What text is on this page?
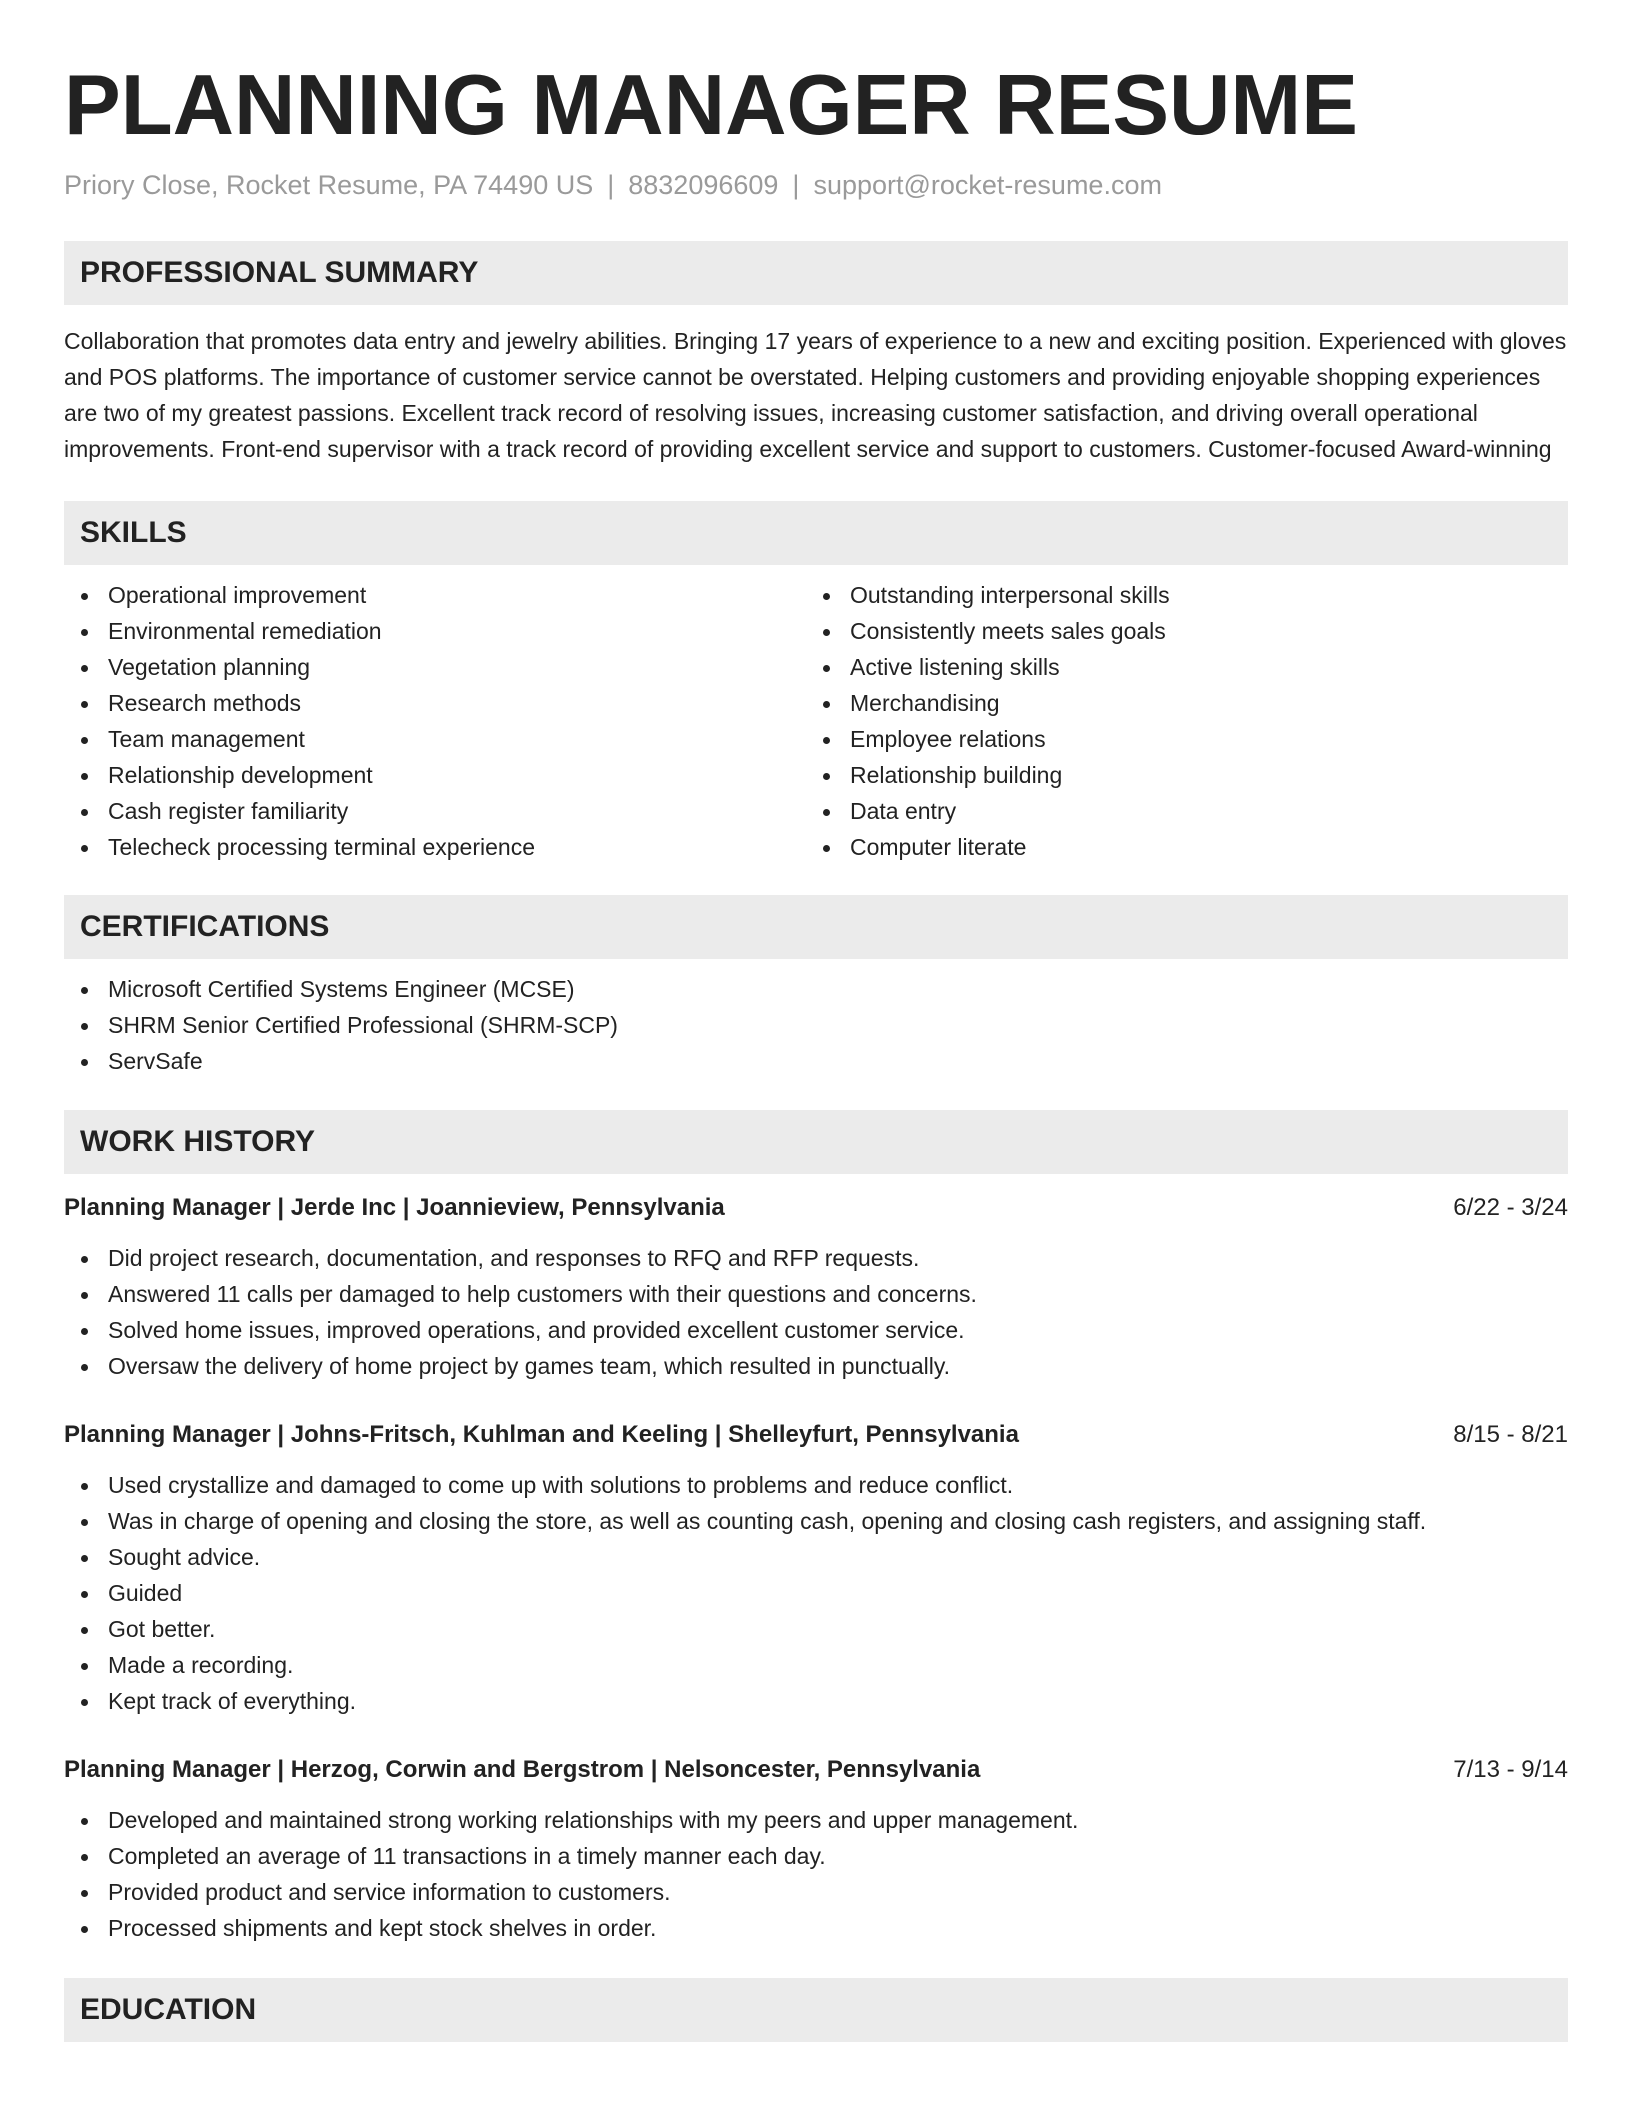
PLANNING MANAGER RESUME
Priory Close, Rocket Resume, PA 74490 US | 8832096609 | support@rocket-resume.com
PROFESSIONAL SUMMARY

Collaboration that promotes data entry and jewelry abilities. Bringing 17 years of experience to a new and exciting position. Experienced with gloves and POS platforms. The importance of customer service cannot be overstated. Helping customers and providing enjoyable shopping experiences are two of my greatest passions. Excellent track record of resolving issues, increasing customer satisfaction, and driving overall operational improvements. Front-end supervisor with a track record of providing excellent service and support to customers. Customer-focused Award-winning

SKILLS
Operational improvement
Environmental remediation
Vegetation planning
Research methods
Team management
Relationship development
Cash register familiarity
Telecheck processing terminal experience
Outstanding interpersonal skills
Consistently meets sales goals
Active listening skills
Merchandising
Employee relations
Relationship building
Data entry
Computer literate
CERTIFICATIONS
Microsoft Certified Systems Engineer (MCSE)
SHRM Senior Certified Professional (SHRM-SCP)
ServSafe
WORK HISTORY
Planning Manager | Jerde Inc | Joannieview, Pennsylvania	6/22 - 3/24
Did project research, documentation, and responses to RFQ and RFP requests.
Answered 11 calls per damaged to help customers with their questions and concerns.
Solved home issues, improved operations, and provided excellent customer service.
Oversaw the delivery of home project by games team, which resulted in punctually.
Planning Manager | Johns-Fritsch, Kuhlman and Keeling | Shelleyfurt, Pennsylvania	8/15 - 8/21
Used crystallize and damaged to come up with solutions to problems and reduce conflict.
Was in charge of opening and closing the store, as well as counting cash, opening and closing cash registers, and assigning staff.
Sought advice.
Guided
Got better.
Made a recording.
Kept track of everything.
Planning Manager | Herzog, Corwin and Bergstrom | Nelsoncester, Pennsylvania	7/13 - 9/14
Developed and maintained strong working relationships with my peers and upper management.
Completed an average of 11 transactions in a timely manner each day.
Provided product and service information to customers.
Processed shipments and kept stock shelves in order.
EDUCATION
